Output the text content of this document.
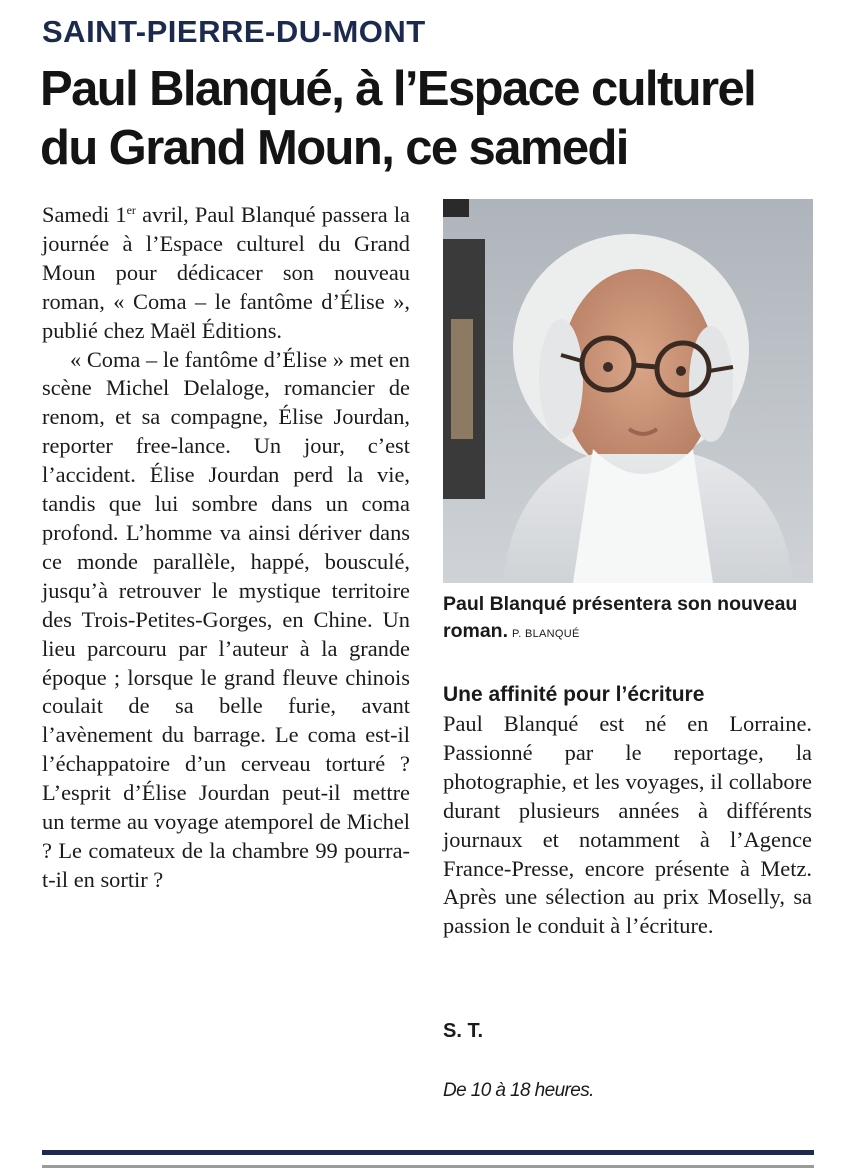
SAINT-PIERRE-DU-MONT
Paul Blanqué, à l’Espace culturel
du Grand Moun, ce samedi

Samedi 1er avril, Paul Blanqué passera la journée à l’Espace culturel du Grand Moun pour dédicacer son nouveau roman, « Coma – le fantôme d’Élise », publié chez Maël Éditions.

« Coma – le fantôme d’Élise » met en scène Michel Delaloge, romancier de renom, et sa compagne, Élise Jourdan, reporter free-lance. Un jour, c’est l’accident. Élise Jourdan perd la vie, tandis que lui sombre dans un coma profond. L’homme va ainsi dériver dans ce monde parallèle, happé, bousculé, jusqu’à retrouver le mystique territoire des Trois-Petites-Gorges, en Chine. Un lieu parcouru par l’auteur à la grande époque ; lorsque le grand fleuve chinois coulait de sa belle furie, avant l’avènement du barrage. Le coma est-il l’échappatoire d’un cerveau torturé ? L’esprit d’Élise Jourdan peut-il mettre un terme au voyage atemporel de Michel ? Le comateux de la chambre 99 pourra-t-il en sortir ?

Paul Blanqué présentera son nouveau roman. P. BLANQUÉ
Une affinité pour l’écriture

Paul Blanqué est né en Lorraine. Passionné par le reportage, la photographie, et les voyages, il collabore durant plusieurs années à différents journaux et notamment à l’Agence France-Presse, encore présente à Metz. Après une sélection au prix Moselly, sa passion le conduit à l’écriture.

S. T.
De 10 à 18 heures.
